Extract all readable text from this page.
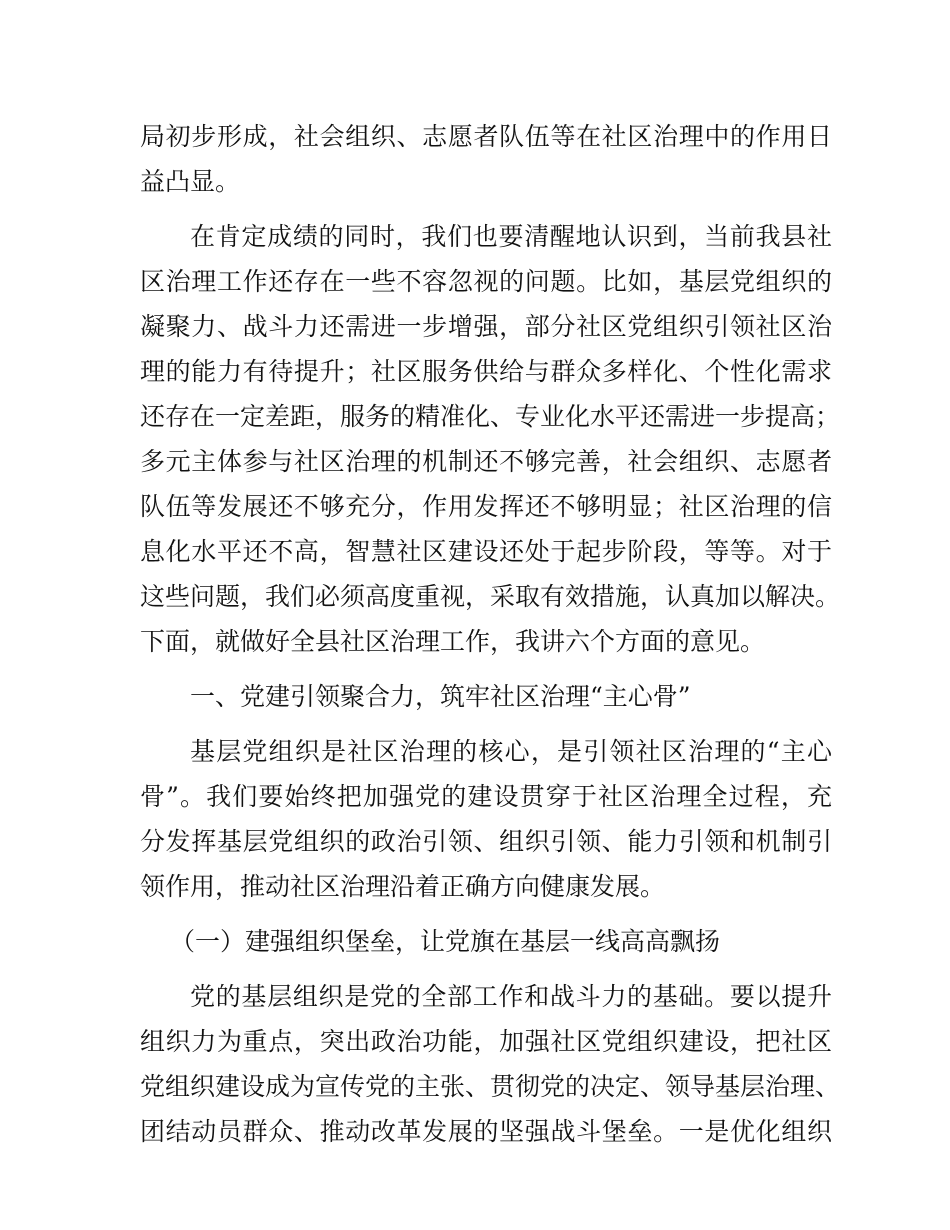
局初步形成，社会组织、志愿者队伍等在社区治理中的作用日
益凸显。
在肯定成绩的同时，我们也要清醒地认识到，当前我县社
区治理工作还存在一些不容忽视的问题。比如，基层党组织的
凝聚力、战斗力还需进一步增强，部分社区党组织引领社区治
理的能力有待提升；社区服务供给与群众多样化、个性化需求
还存在一定差距，服务的精准化、专业化水平还需进一步提高；
多元主体参与社区治理的机制还不够完善，社会组织、志愿者
队伍等发展还不够充分，作用发挥还不够明显；社区治理的信
息化水平还不高，智慧社区建设还处于起步阶段，等等。对于
这些问题，我们必须高度重视，采取有效措施，认真加以解决。
下面，就做好全县社区治理工作，我讲六个方面的意见。
一、党建引领聚合力，筑牢社区治理“主心骨”
基层党组织是社区治理的核心，是引领社区治理的“主心
骨”。我们要始终把加强党的建设贯穿于社区治理全过程，充
分发挥基层党组织的政治引领、组织引领、能力引领和机制引
领作用，推动社区治理沿着正确方向健康发展。
（一）建强组织堡垒，让党旗在基层一线高高飘扬
党的基层组织是党的全部工作和战斗力的基础。要以提升
组织力为重点，突出政治功能，加强社区党组织建设，把社区
党组织建设成为宣传党的主张、贯彻党的决定、领导基层治理、
团结动员群众、推动改革发展的坚强战斗堡垒。一是优化组织
